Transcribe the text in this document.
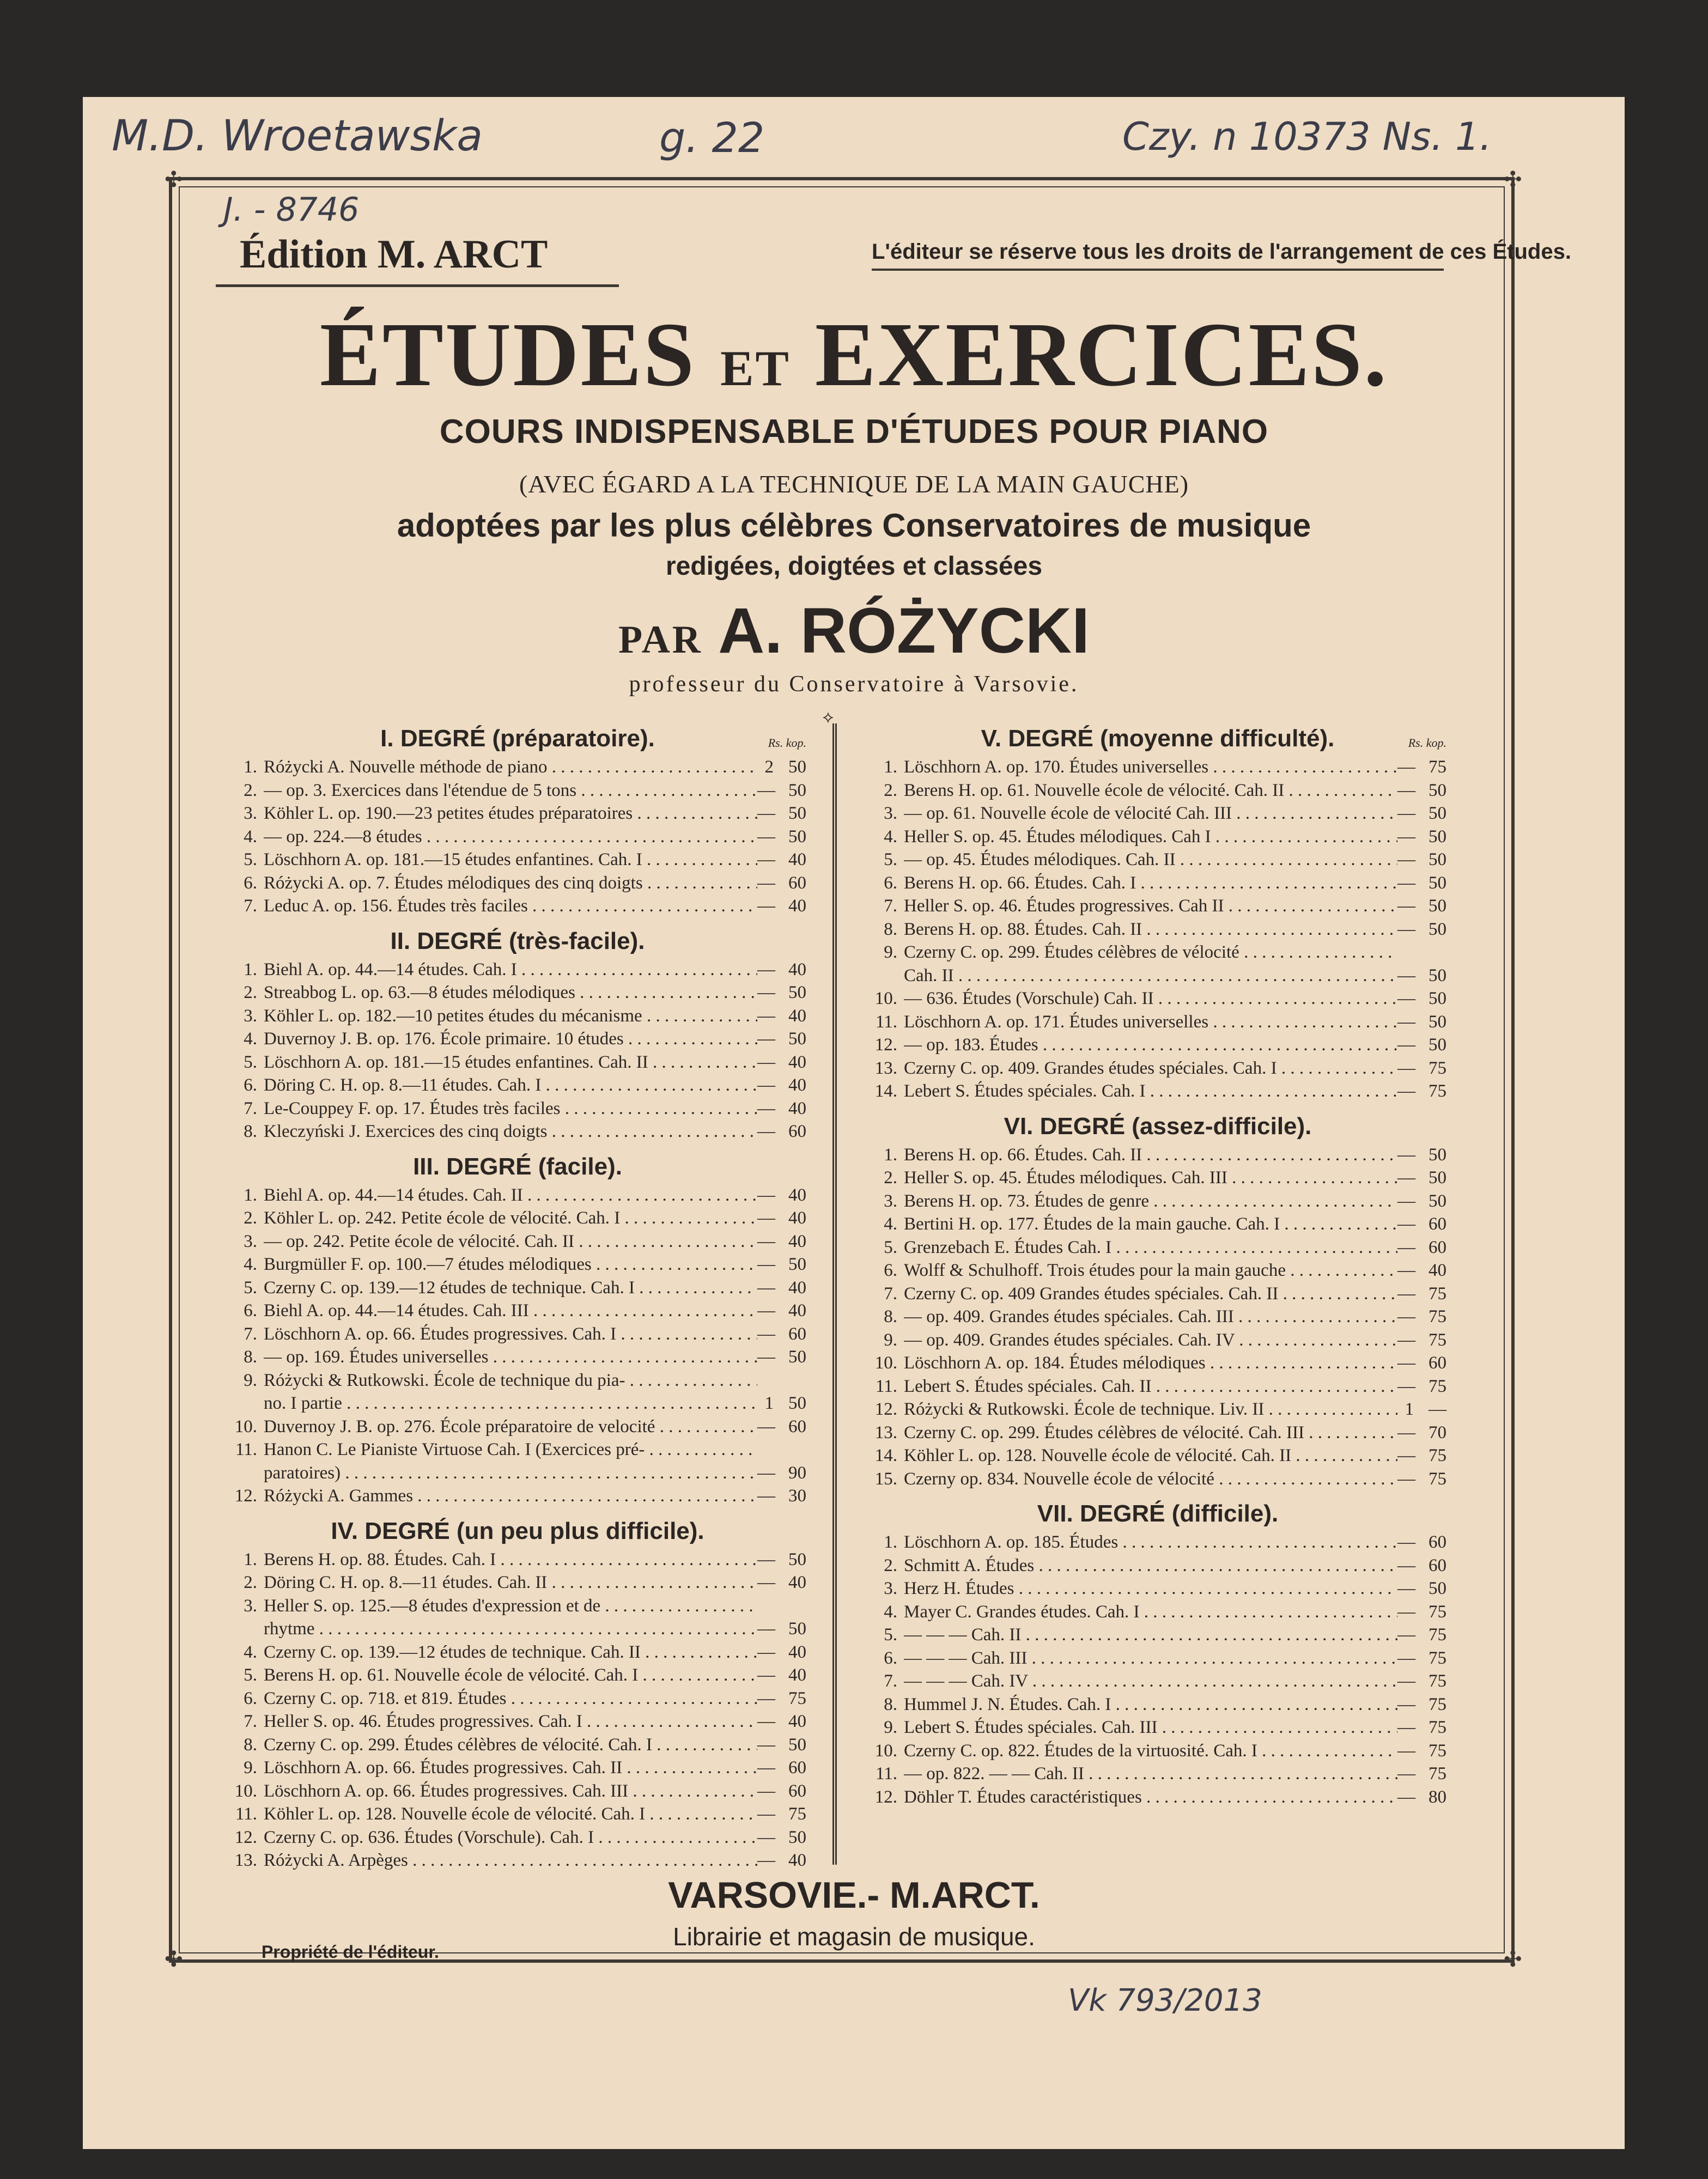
✣	✣
✣	✣
M.D. Wroetawska	g. 22	Czy. n 10373 Ns. 1.
J. - 8746
Vk 793/2013
Édition M. ARCT	L'éditeur se réserve tous les droits de l'arrangement de ces Études.
ÉTUDES ET EXERCICES.
COURS INDISPENSABLE D'ÉTUDES POUR PIANO
(AVEC ÉGARD A LA TECHNIQUE DE LA MAIN GAUCHE)
adoptées par les plus célèbres Conservatoires de musique
redigées, doigtées et classées
PAR A. RÓŻYCKI
professeur du Conservatoire à Varsovie.
⟡
I. DEGRÉ (préparatoire).	Rs. kop.
1. Różycki A. Nouvelle méthode de piano . . .	2 50
2. — op. 3. Exercices dans l'étendue de 5 tons . . .	— 50
3. Köhler L. op. 190.—23 petites études préparatoires . . .	— 50
4. — op. 224.—8 études . . .	— 50
5. Löschhorn A. op. 181.—15 études enfantines. Cah. I . . .	— 40
6. Różycki A. op. 7. Études mélodiques des cinq doigts . . .	— 60
7. Leduc A. op. 156. Études très faciles . . .	— 40
II. DEGRÉ (très-facile).
1. Biehl A. op. 44.—14 études. Cah. I . . .	— 40
2. Streabbog L. op. 63.—8 études mélodiques . . .	— 50
3. Köhler L. op. 182.—10 petites études du mécanisme . . .	— 40
4. Duvernoy J. B. op. 176. École primaire. 10 études . . .	— 50
5. Löschhorn A. op. 181.—15 études enfantines. Cah. II . . .	— 40
6. Döring C. H. op. 8.—11 études. Cah. I . . .	— 40
7. Le-Couppey F. op. 17. Études très faciles . . .	— 40
8. Kleczyński J. Exercices des cinq doigts . . .	— 60
III. DEGRÉ (facile).
1. Biehl A. op. 44.—14 études. Cah. II . . .	— 40
2. Köhler L. op. 242. Petite école de vélocité. Cah. I . . .	— 40
3. — op. 242. Petite école de vélocité. Cah. II . . .	— 40
4. Burgmüller F. op. 100.—7 études mélodiques . . .	— 50
5. Czerny C. op. 139.—12 études de technique. Cah. I . . .	— 40
6. Biehl A. op. 44.—14 études. Cah. III . . .	— 40
7. Löschhorn A. op. 66. Études progressives. Cah. I . . .	— 60
8. — op. 169. Études universelles . . .	— 50
9. Różycki & Rutkowski. École de technique du pia- . . .
no. I partie . . .	1 50
10. Duvernoy J. B. op. 276. École préparatoire de velocité . . .	— 60
11. Hanon C. Le Pianiste Virtuose Cah. I (Exercices pré- . . .
paratoires) . . .	— 90
12. Różycki A. Gammes . . .	— 30
IV. DEGRÉ (un peu plus difficile).
1. Berens H. op. 88. Études. Cah. I . . .	— 50
2. Döring C. H. op. 8.—11 études. Cah. II . . .	— 40
3. Heller S. op. 125.—8 études d'expression et de . . .
rhytme . . .	— 50
4. Czerny C. op. 139.—12 études de technique. Cah. II . . .	— 40
5. Berens H. op. 61. Nouvelle école de vélocité. Cah. I . . .	— 40
6. Czerny C. op. 718. et 819. Études . . .	— 75
7. Heller S. op. 46. Études progressives. Cah. I . . .	— 40
8. Czerny C. op. 299. Études célèbres de vélocité. Cah. I . . .	— 50
9. Löschhorn A. op. 66. Études progressives. Cah. II . . .	— 60
10. Löschhorn A. op. 66. Études progressives. Cah. III . . .	— 60
11. Köhler L. op. 128. Nouvelle école de vélocité. Cah. I . . .	— 75
12. Czerny C. op. 636. Études (Vorschule). Cah. I . . .	— 50
13. Różycki A. Arpèges . . .	— 40
V. DEGRÉ (moyenne difficulté).	Rs. kop.
1. Löschhorn A. op. 170. Études universelles . . .	— 75
2. Berens H. op. 61. Nouvelle école de vélocité. Cah. II . . .	— 50
3. — op. 61. Nouvelle école de vélocité Cah. III . . .	— 50
4. Heller S. op. 45. Études mélodiques. Cah I . . .	— 50
5. — op. 45. Études mélodiques. Cah. II . . .	— 50
6. Berens H. op. 66. Études. Cah. I . . .	— 50
7. Heller S. op. 46. Études progressives. Cah II . . .	— 50
8. Berens H. op. 88. Études. Cah. II . . .	— 50
9. Czerny C. op. 299. Études célèbres de vélocité . . .
Cah. II . . .	— 50
10. — 636. Études (Vorschule) Cah. II . . .	— 50
11. Löschhorn A. op. 171. Études universelles . . .	— 50
12. — op. 183. Études . . .	— 50
13. Czerny C. op. 409. Grandes études spéciales. Cah. I . . .	— 75
14. Lebert S. Études spéciales. Cah. I . . .	— 75
VI. DEGRÉ (assez-difficile).
1. Berens H. op. 66. Études. Cah. II . . .	— 50
2. Heller S. op. 45. Études mélodiques. Cah. III . . .	— 50
3. Berens H. op. 73. Études de genre . . .	— 50
4. Bertini H. op. 177. Études de la main gauche. Cah. I . . .	— 60
5. Grenzebach E. Études Cah. I . . .	— 60
6. Wolff & Schulhoff. Trois études pour la main gauche . . .	— 40
7. Czerny C. op. 409 Grandes études spéciales. Cah. II . . .	— 75
8. — op. 409. Grandes études spéciales. Cah. III . . .	— 75
9. — op. 409. Grandes études spéciales. Cah. IV . . .	— 75
10. Löschhorn A. op. 184. Études mélodiques . . .	— 60
11. Lebert S. Études spéciales. Cah. II . . .	— 75
12. Różycki & Rutkowski. École de technique. Liv. II . . .	1 —
13. Czerny C. op. 299. Études célèbres de vélocité. Cah. III . . .	— 70
14. Köhler L. op. 128. Nouvelle école de vélocité. Cah. II . . .	— 75
15. Czerny op. 834. Nouvelle école de vélocité . . .	— 75
VII. DEGRÉ (difficile).
1. Löschhorn A. op. 185. Études . . .	— 60
2. Schmitt A. Études . . .	— 60
3. Herz H. Études . . .	— 50
4. Mayer C. Grandes études. Cah. I . . .	— 75
5. — — — Cah. II . . .	— 75
6. — — — Cah. III . . .	— 75
7. — — — Cah. IV . . .	— 75
8. Hummel J. N. Études. Cah. I . . .	— 75
9. Lebert S. Études spéciales. Cah. III . . .	— 75
10. Czerny C. op. 822. Études de la virtuosité. Cah. I . . .	— 75
11. — op. 822. — — Cah. II . . .	— 75
12. Döhler T. Études caractéristiques . . .	— 80
VARSOVIE.- M.ARCT.
Librairie et magasin de musique.
Propriété de l'éditeur.
